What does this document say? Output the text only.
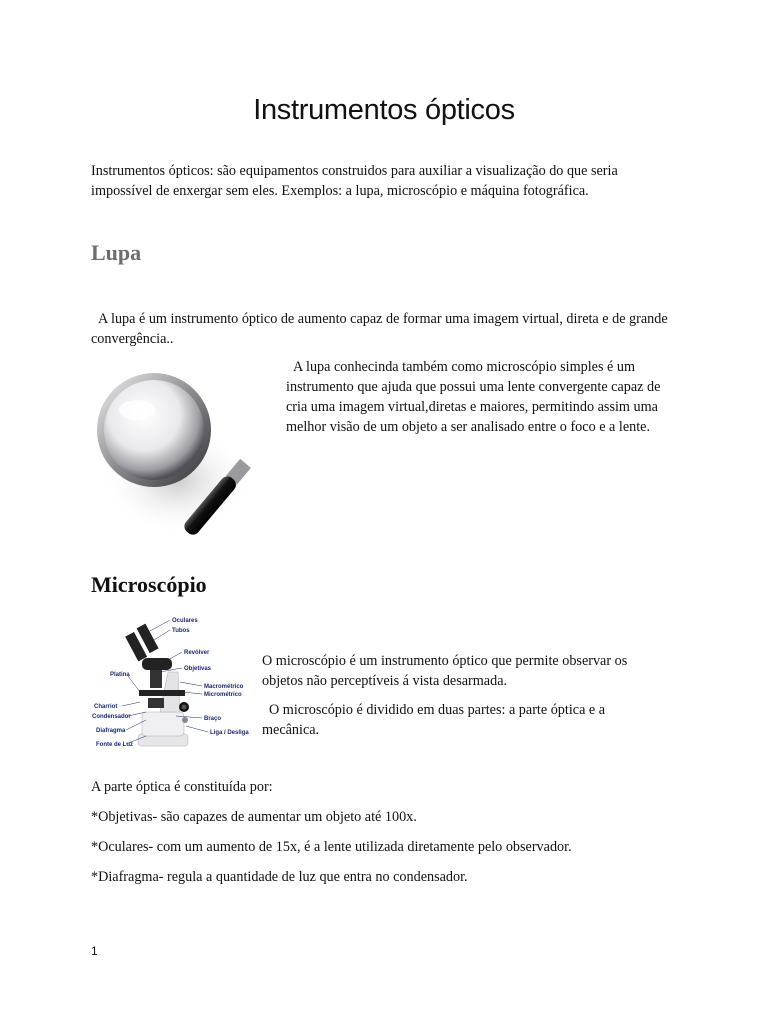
Instrumentos ópticos
Instrumentos ópticos: são equipamentos construidos para auxiliar a visualização do que seria impossível de enxergar sem eles. Exemplos: a lupa, microscópio e máquina fotográfica.
Lupa
A lupa é um instrumento óptico de aumento capaz de formar uma imagem virtual, direta e de grande convergência..
A lupa conhecinda também como microscópio simples é um instrumento que ajuda que possui uma lente convergente capaz de cria uma imagem virtual,diretas e maiores, permitindo assim uma melhor visão de um objeto a ser analisado entre o foco e a lente.
Microscópio
Oculares
Tubos
Revólver
Objetivas
Platina
Macrométrico
Micrométrico
Charriot
Condensador	Braço
Diafragma	Liga / Desliga
Fonte de Luz
O microscópio é um instrumento óptico que permite observar os objetos não perceptíveis á vista desarmada.
O microscópio é dividido em duas partes: a parte óptica e a mecânica.
A parte óptica é constituída por:
*Objetivas- são capazes de aumentar um objeto até 100x.
*Oculares- com um aumento de 15x, é a lente utilizada diretamente pelo observador.
*Diafragma- regula a quantidade de luz que entra no condensador.
1
